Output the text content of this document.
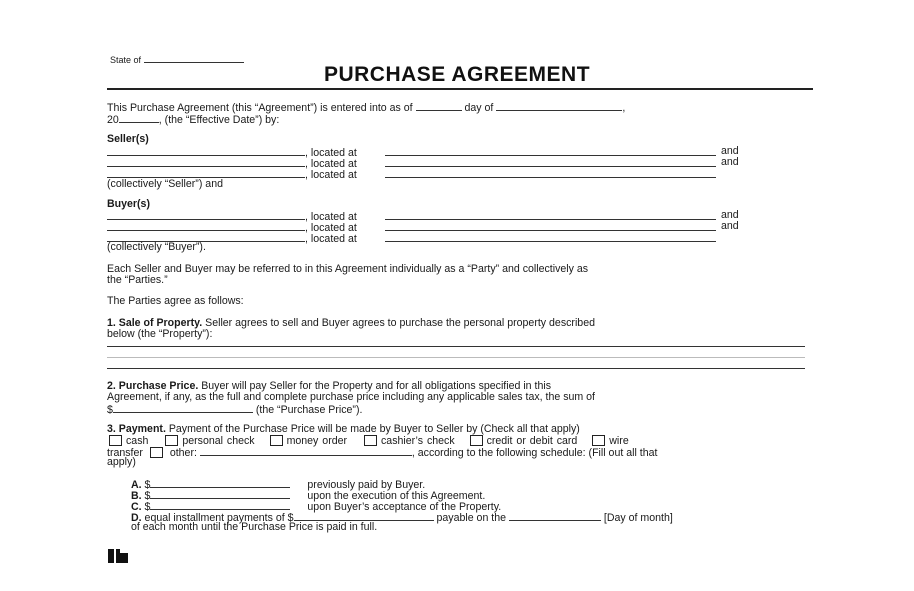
State of
PURCHASE AGREEMENT
This Purchase Agreement (this “Agreement”) is entered into as of	day of	,
20	, (the “Effective Date”) by:
Seller(s)
, located at	and
, located at	and
, located at
(collectively “Seller”) and
Buyer(s)
, located at	and
, located at	and
, located at
(collectively “Buyer”).
Each Seller and Buyer may be referred to in this Agreement individually as a “Party” and collectively as
the “Parties.”
The Parties agree as follows:
1. Sale of Property. Seller agrees to sell and Buyer agrees to purchase the personal property described
below (the “Property”):
2. Purchase Price. Buyer will pay Seller for the Property and for all obligations specified in this
Agreement, if any, as the full and complete purchase price including any applicable sales tax, the sum of
$	(the “Purchase Price”).
3. Payment. Payment of the Purchase Price will be made by Buyer to Seller by (Check all that apply)
cash	personal check	money order	cashier’s check	credit or debit card	wire
transfer	other:	, according to the following schedule: (Fill out all that
apply)
A. $	previously paid by Buyer.
B. $	upon the execution of this Agreement.
C. $	upon Buyer’s acceptance of the Property.
D. equal installment payments of $	payable on the	[Day of month]
of each month until the Purchase Price is paid in full.
